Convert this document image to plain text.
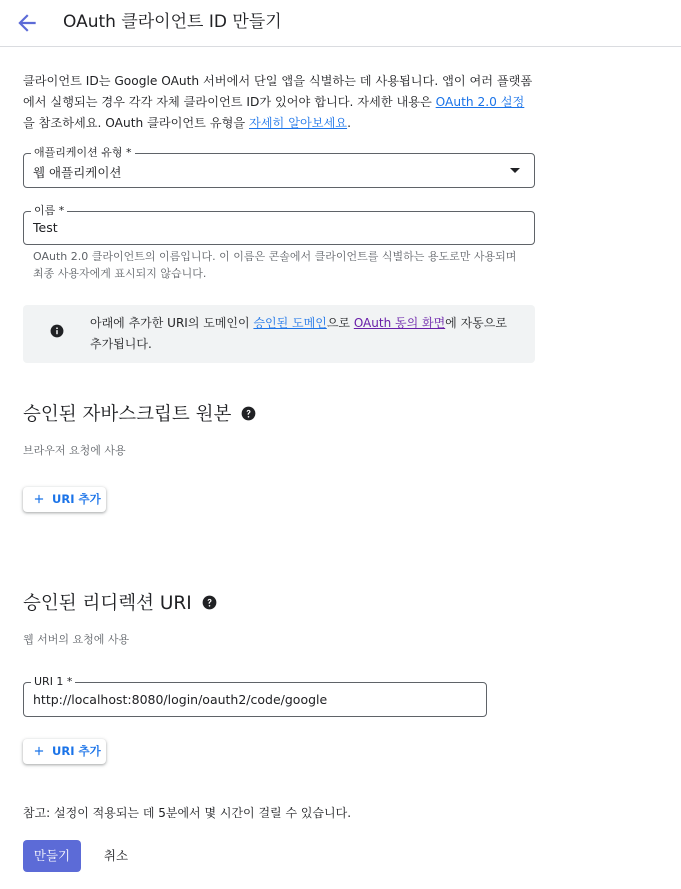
OAuth 클라이언트 ID 만들기
클라이언트 ID는 Google OAuth 서버에서 단일 앱을 식별하는 데 사용됩니다. 앱이 여러 플랫폼에서 실행되는 경우 각각 자체 클라이언트 ID가 있어야 합니다. 자세한 내용은 OAuth 2.0 설정을 참조하세요. OAuth 클라이언트 유형을 자세히 알아보세요.
애플리케이션 유형 *
웹 애플리케이션
이름 *
Test
OAuth 2.0 클라이언트의 이름입니다. 이 이름은 콘솔에서 클라이언트를 식별하는 용도로만 사용되며 최종 사용자에게 표시되지 않습니다.
아래에 추가한 URI의 도메인이 승인된 도메인으로 OAuth 동의 화면에 자동으로 추가됩니다.
승인된 자바스크립트 원본
브라우저 요청에 사용
URI 추가
승인된 리디렉션 URI
웹 서버의 요청에 사용
URI 1 *
http://localhost:8080/login/oauth2/code/google
URI 추가
참고: 설정이 적용되는 데 5분에서 몇 시간이 걸릴 수 있습니다.
만들기	취소
